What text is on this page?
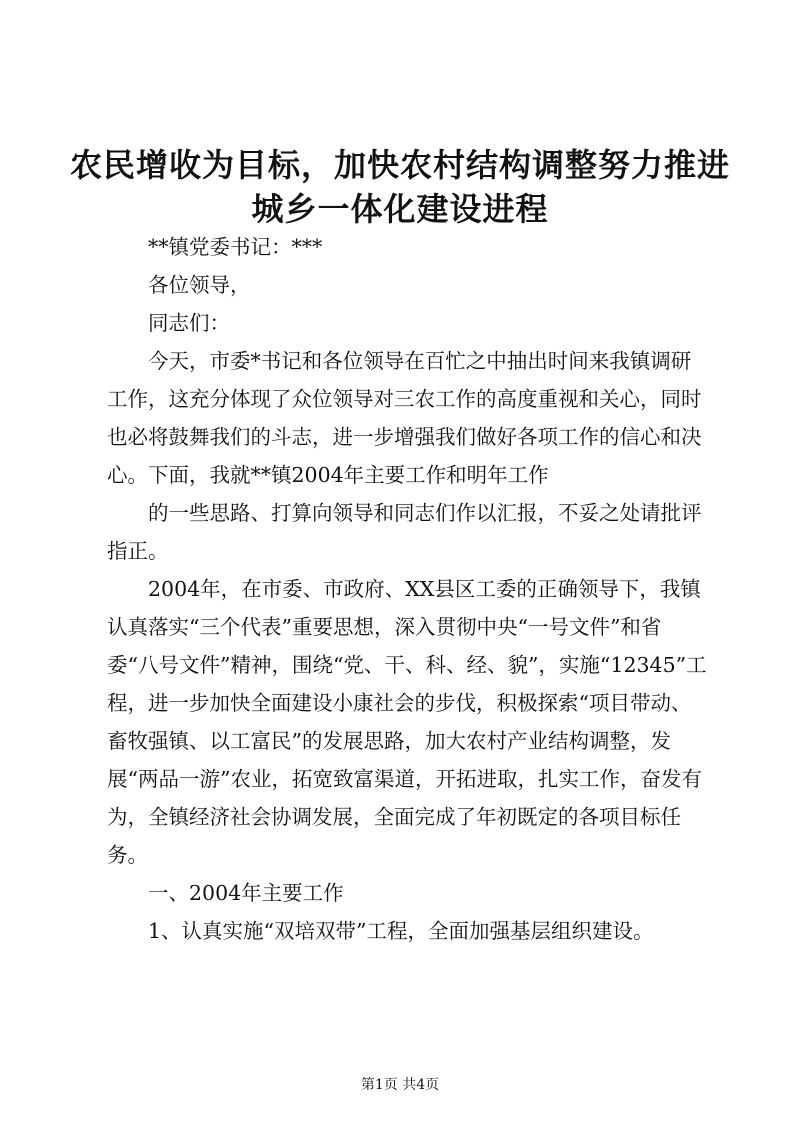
农民增收为目标，加快农村结构调整努力推进
城乡一体化建设进程

**镇党委书记：***

各位领导，

同志们：

今天，市委*书记和各位领导在百忙之中抽出时间来我镇调研工作，这充分体现了众位领导对三农工作的高度重视和关心，同时也必将鼓舞我们的斗志，进一步增强我们做好各项工作的信心和决心。下面，我就**镇2004年主要工作和明年工作

的一些思路、打算向领导和同志们作以汇报，不妥之处请批评指正。

2004年，在市委、市政府、XX县区工委的正确领导下，我镇认真落实“三个代表”重要思想，深入贯彻中央“一号文件”和省委“八号文件”精神，围绕“党、干、科、经、貌”，实施“12345”工程，进一步加快全面建设小康社会的步伐，积极探索“项目带动、畜牧强镇、以工富民”的发展思路，加大农村产业结构调整，发展“两品一游”农业，拓宽致富渠道，开拓进取，扎实工作，奋发有为，全镇经济社会协调发展，全面完成了年初既定的各项目标任务。

一、2004年主要工作

1、认真实施“双培双带”工程，全面加强基层组织建设。

第1页 共4页
